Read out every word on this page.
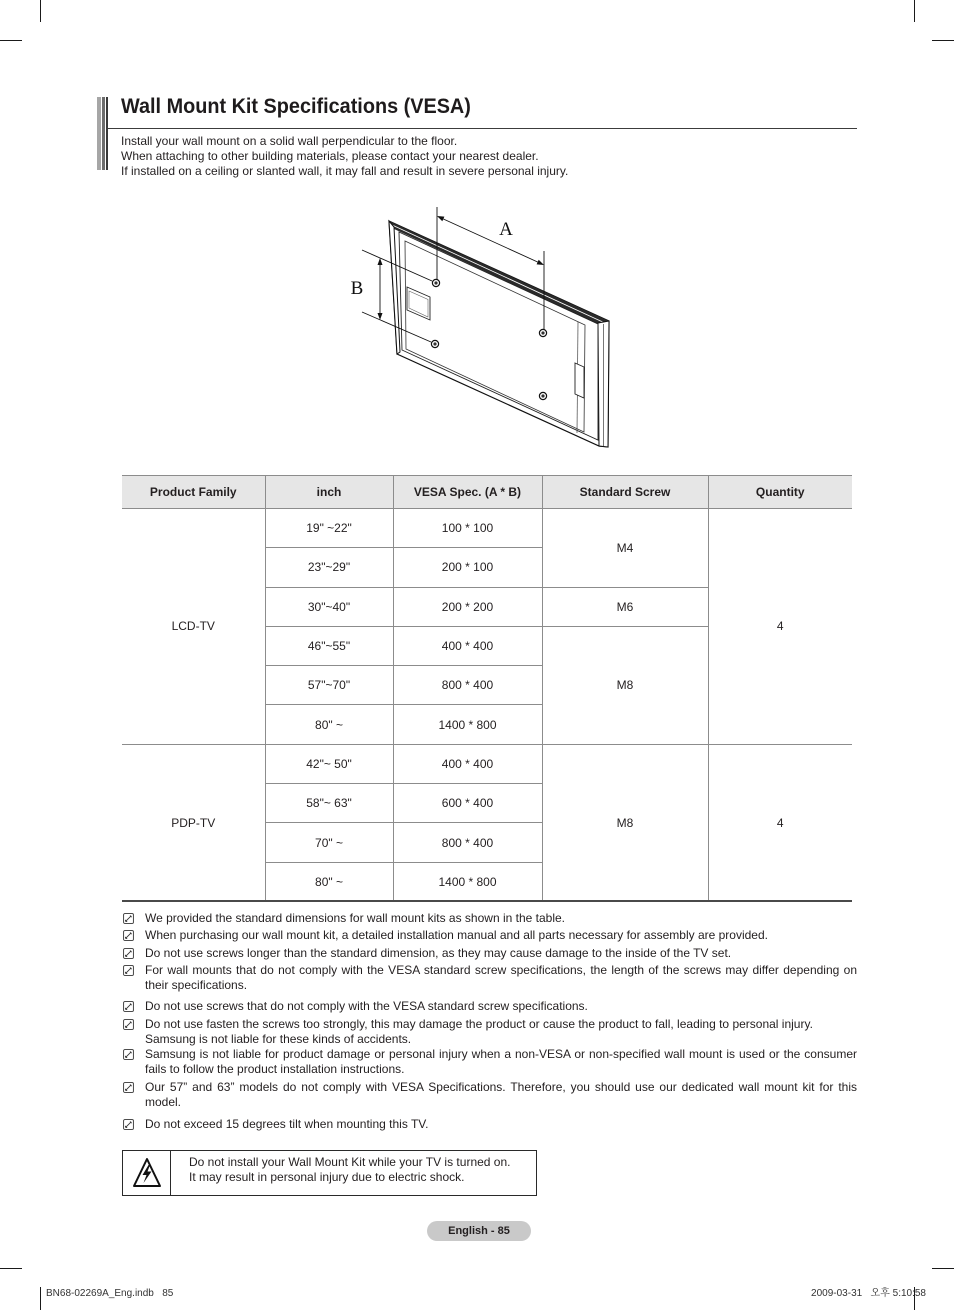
Wall Mount Kit Specifications (VESA)
Install your wall mount on a solid wall perpendicular to the floor.
When attaching to other building materials, please contact your nearest dealer.
If installed on a ceiling or slanted wall, it may fall and result in severe personal injury.
A
B
Product Family	inch	VESA Spec. (A * B)	Standard Screw	Quantity
LCD-TV	19" ~22"	100 * 100	M4	4
	23"~29"	200 * 100		
	30"~40"	200 * 200	M6	
	46"~55"	400 * 400	M8	
	57"~70"	800 * 400		
	80" ~	1400 * 800		
PDP-TV	42"~ 50"	400 * 400	M8	4
	58"~ 63"	600 * 400		
	70" ~	800 * 400		
	80" ~	1400 * 800		
We provided the standard dimensions for wall mount kits as shown in the table.
When purchasing our wall mount kit, a detailed installation manual and all parts necessary for assembly are provided.
Do not use screws longer than the standard dimension, as they may cause damage to the inside of the TV set.
For wall mounts that do not comply with the VESA standard screw specifications, the length of the screws may differ depending on
their specifications.
Do not use screws that do not comply with the VESA standard screw specifications.
Do not use fasten the screws too strongly, this may damage the product or cause the product to fall, leading to personal injury.
Samsung is not liable for these kinds of accidents.
Samsung is not liable for product damage or personal injury when a non-VESA or non-specified wall mount is used or the consumer
fails to follow the product installation instructions.
Our 57” and 63” models do not comply with VESA Specifications. Therefore, you should use our dedicated wall mount kit for this
model.
Do not exceed 15 degrees tilt when mounting this TV.
Do not install your Wall Mount Kit while your TV is turned on.
It may result in personal injury due to electric shock.
English - 85
BN68-02269A_Eng.indb   85	2009-03-31   오후 5:10:58
